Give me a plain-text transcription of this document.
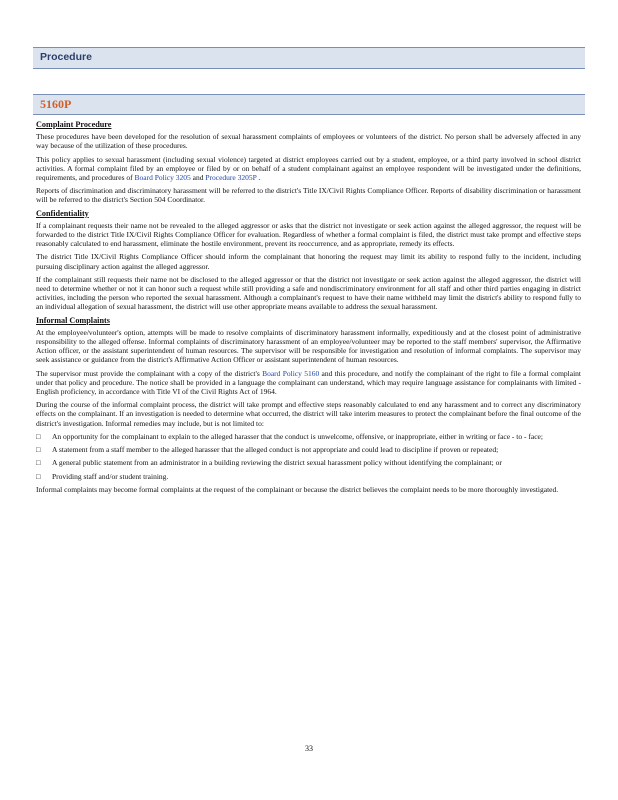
Procedure
5160P
Complaint Procedure

These procedures have been developed for the resolution of sexual harassment complaints of employees or volunteers of the district. No person shall be adversely affected in any way because of the utilization of these procedures.

This policy applies to sexual harassment (including sexual violence) targeted at district employees carried out by a student, employee, or a third party involved in school district activities. A formal complaint filed by an employee or filed by or on behalf of a student complainant against an employee respondent will be investigated under the definitions, requirements, and procedures of Board Policy 3205 and Procedure 3205P .

Reports of discrimination and discriminatory harassment will be referred to the district's Title IX/Civil Rights Compliance Officer. Reports of disability discrimination or harassment will be referred to the district's Section 504 Coordinator.

Confidentiality

If a complainant requests their name not be revealed to the alleged aggressor or asks that the district not investigate or seek action against the alleged aggressor, the request will be forwarded to the district Title IX/Civil Rights Compliance Officer for evaluation. Regardless of whether a formal complaint is filed, the district must take prompt and effective steps reasonably calculated to end harassment, eliminate the hostile environment, prevent its reoccurrence, and as appropriate, remedy its effects.

The district Title IX/Civil Rights Compliance Officer should inform the complainant that honoring the request may limit its ability to respond fully to the incident, including pursuing disciplinary action against the alleged aggressor.

If the complainant still requests their name not be disclosed to the alleged aggressor or that the district not investigate or seek action against the alleged aggressor, the district will need to determine whether or not it can honor such a request while still providing a safe and nondiscriminatory environment for all staff and other third parties engaging in district activities, including the person who reported the sexual harassment. Although a complainant's request to have their name withheld may limit the district's ability to respond fully to an individual allegation of sexual harassment, the district will use other appropriate means available to address the sexual harassment.

Informal Complaints

At the employee/volunteer's option, attempts will be made to resolve complaints of discriminatory harassment informally, expeditiously and at the closest point of administrative responsibility to the alleged offense. Informal complaints of discriminatory harassment of an employee/volunteer may be reported to the staff members' supervisor, the Affirmative Action officer, or the assistant superintendent of human resources. The supervisor will be responsible for investigation and resolution of informal complaints. The supervisor may seek assistance or guidance from the district's Affirmative Action Officer or assistant superintendent of human resources.

The supervisor must provide the complainant with a copy of the district's Board Policy 5160 and this procedure, and notify the complainant of the right to file a formal complaint under that policy and procedure. The notice shall be provided in a language the complainant can understand, which may require language assistance for complainants with limited - English proficiency, in accordance with Title VI of the Civil Rights Act of 1964.

During the course of the informal complaint process, the district will take prompt and effective steps reasonably calculated to end any harassment and to correct any discriminatory effects on the complainant. If an investigation is needed to determine what occurred, the district will take interim measures to protect the complainant before the final outcome of the district's investigation. Informal remedies may include, but is not limited to:

□	An opportunity for the complainant to explain to the alleged harasser that the conduct is unwelcome, offensive, or inappropriate, either in writing or face - to - face;
□	A statement from a staff member to the alleged harasser that the alleged conduct is not appropriate and could lead to discipline if proven or repeated;
□	A general public statement from an administrator in a building reviewing the district sexual harassment policy without identifying the complainant; or
□	Providing staff and/or student training.

Informal complaints may become formal complaints at the request of the complainant or because the district believes the complaint needs to be more thoroughly investigated.

33
